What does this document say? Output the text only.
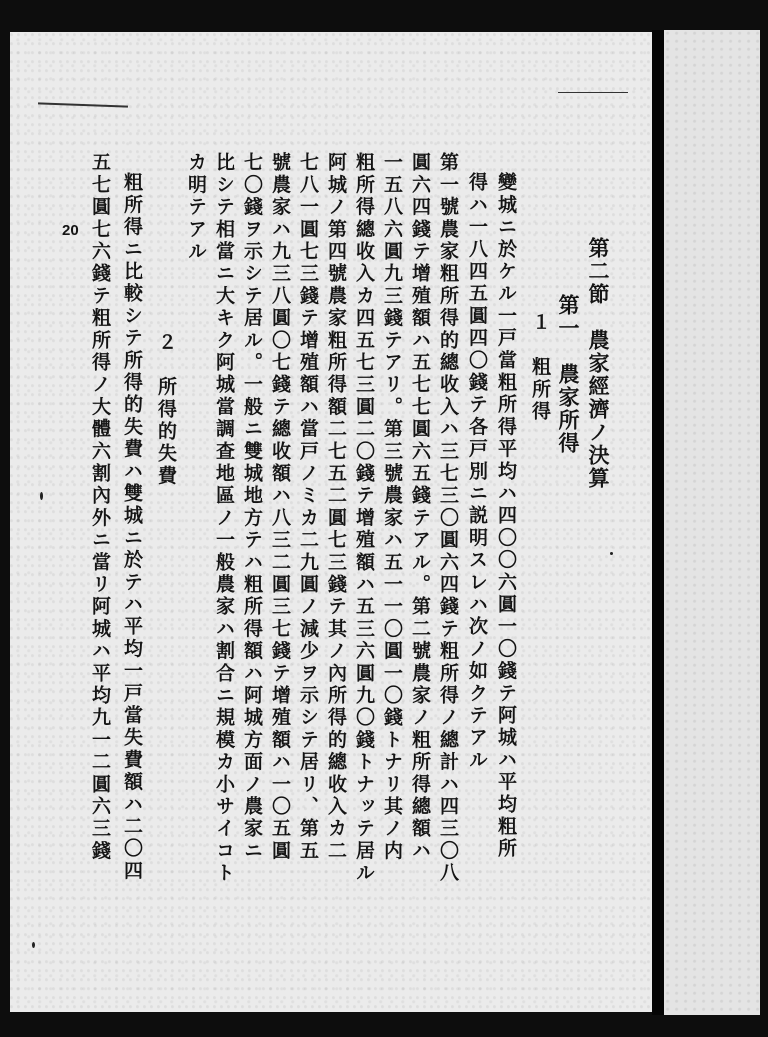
第二節　農家經濟ノ決算
第一　農家所得
１　粗所得
變城ニ於ケル一戸當粗所得平均ハ四〇〇六圓一〇錢テ阿城ハ平均粗所
得ハ一八四五圓四〇錢テ各戸別ニ説明スレハ次ノ如クテアル
第一號農家粗所得的總收入ハ三七三〇圓六四錢テ粗所得ノ總計ハ四三〇八
圓六四錢テ增殖額ハ五七七圓六五錢テアル。第二號農家ノ粗所得總額ハ
一五八六圓九三錢テアリ。第三號農家ハ五一一〇圓一〇錢トナリ其ノ内
粗所得總收入カ四五七三圓二〇錢テ增殖額ハ五三六圓九〇錢トナッテ居ル
阿城ノ第四號農家粗所得額二七五二圓七三錢テ其ノ內所得的總收入カ二
七八一圓七三錢テ增殖額ハ當戸ノミカ二九圓ノ減少ヲ示シテ居リ、第五
號農家ハ九三八圓〇七錢テ總收額ハ八三二圓三七錢テ增殖額ハ一〇五圓
七〇錢ヲ示シテ居ル。一般ニ雙城地方テハ粗所得額ハ阿城方面ノ農家ニ
比シテ相當ニ大キク阿城當調查地區ノ一般農家ハ割合ニ規模カ小サイコト
カ明テアル
２　所得的失費
粗所得ニ比較シテ所得的失費ハ雙城ニ於テハ平均一戸當失費額ハ二〇四
五七圓七六錢テ粗所得ノ大體六割內外ニ當リ阿城ハ平均九一二圓六三錢
20
